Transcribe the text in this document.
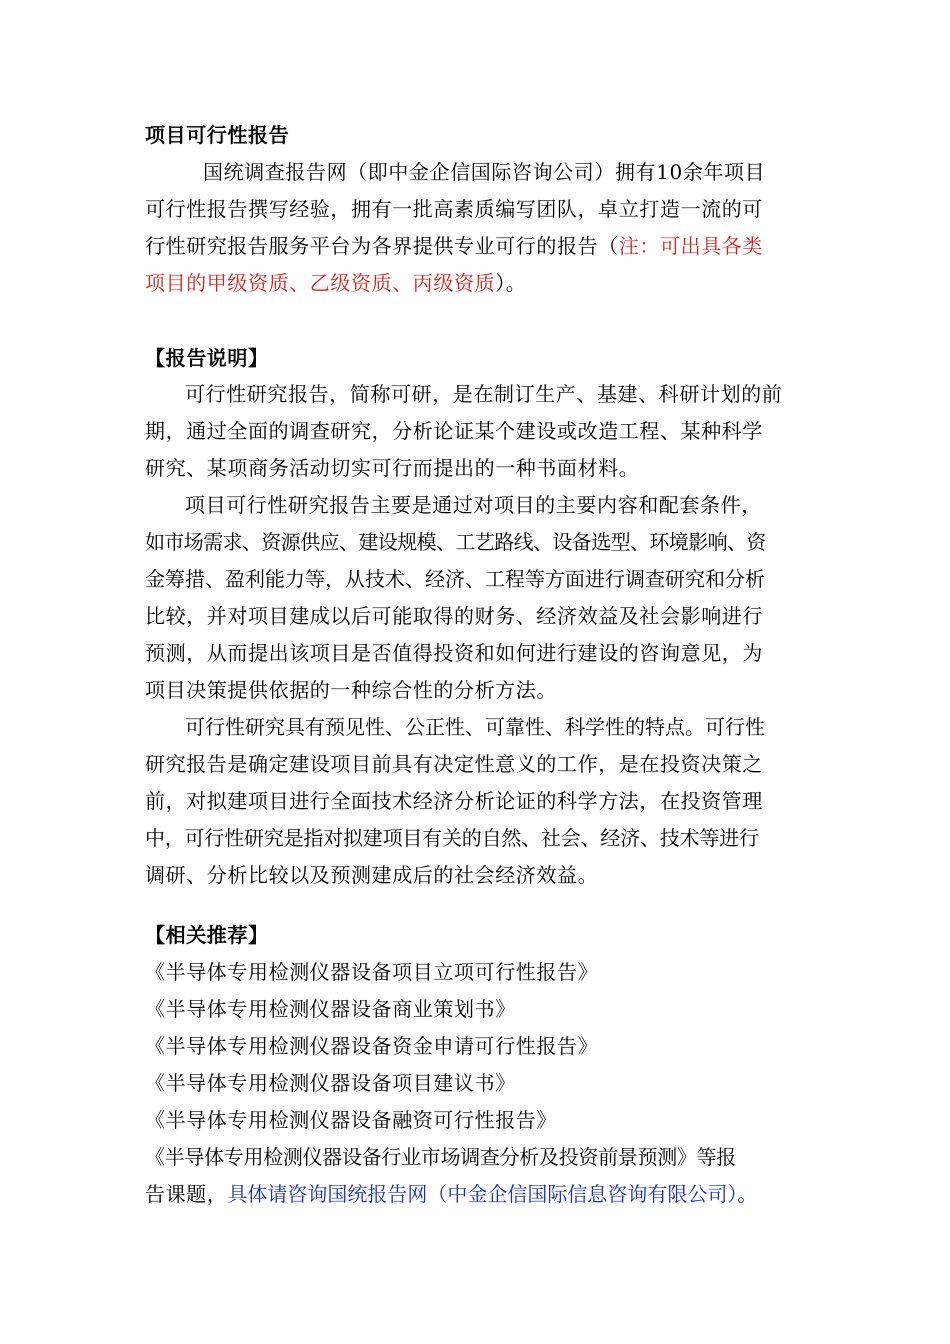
项目可行性报告
国统调查报告网（即中金企信国际咨询公司）拥有10余年项目
可行性报告撰写经验，拥有一批高素质编写团队，卓立打造一流的可
行性研究报告服务平台为各界提供专业可行的报告（注：可出具各类
项目的甲级资质、乙级资质、丙级资质）。
【报告说明】
可行性研究报告，简称可研，是在制订生产、基建、科研计划的前
期，通过全面的调查研究，分析论证某个建设或改造工程、某种科学
研究、某项商务活动切实可行而提出的一种书面材料。
项目可行性研究报告主要是通过对项目的主要内容和配套条件，
如市场需求、资源供应、建设规模、工艺路线、设备选型、环境影响、资
金筹措、盈利能力等，从技术、经济、工程等方面进行调查研究和分析
比较，并对项目建成以后可能取得的财务、经济效益及社会影响进行
预测，从而提出该项目是否值得投资和如何进行建设的咨询意见，为
项目决策提供依据的一种综合性的分析方法。
可行性研究具有预见性、公正性、可靠性、科学性的特点。可行性
研究报告是确定建设项目前具有决定性意义的工作，是在投资决策之
前，对拟建项目进行全面技术经济分析论证的科学方法，在投资管理
中，可行性研究是指对拟建项目有关的自然、社会、经济、技术等进行
调研、分析比较以及预测建成后的社会经济效益。
【相关推荐】
《半导体专用检测仪器设备项目立项可行性报告》
《半导体专用检测仪器设备商业策划书》
《半导体专用检测仪器设备资金申请可行性报告》
《半导体专用检测仪器设备项目建议书》
《半导体专用检测仪器设备融资可行性报告》
《半导体专用检测仪器设备行业市场调查分析及投资前景预测》等报
告课题，具体请咨询国统报告网（中金企信国际信息咨询有限公司）。
